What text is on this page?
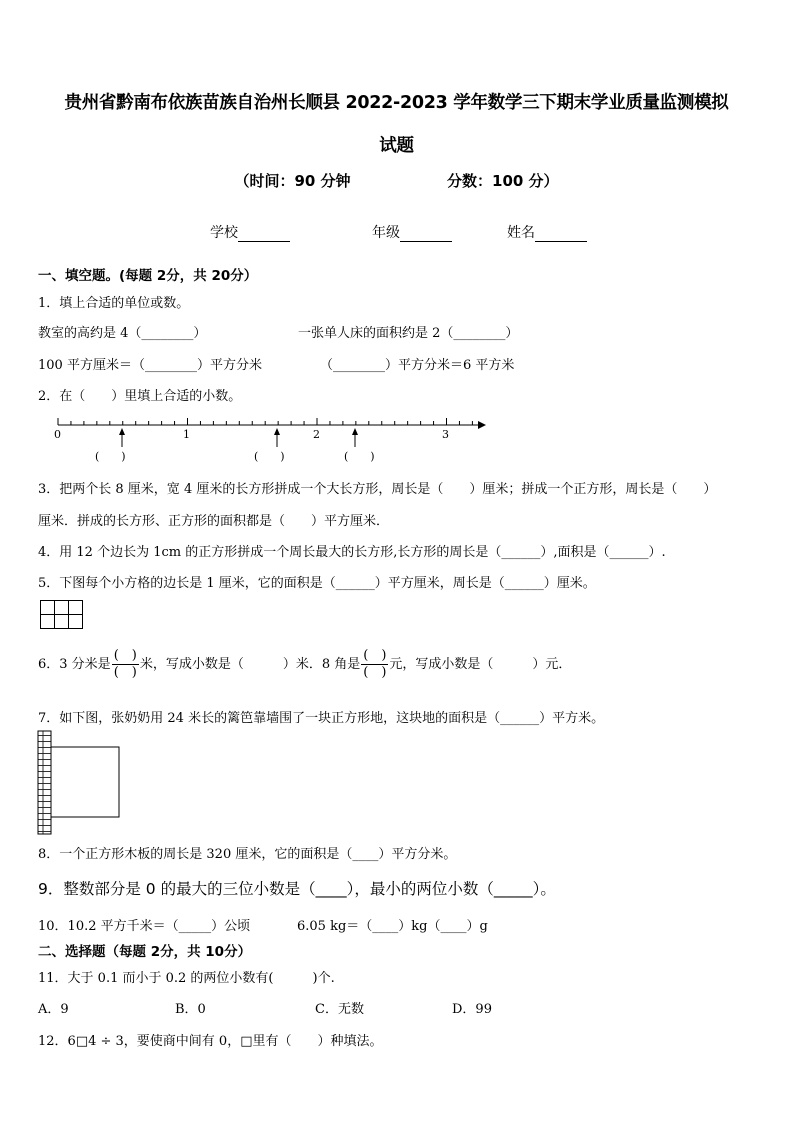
贵州省黔南布依族苗族自治州长顺县 2022-2023 学年数学三下期末学业质量监测模拟
试题
（时间：90 分钟	分数：100 分）
学校	年级	姓名
一、填空题。(每题 2分，共 20分）
1．填上合适的单位或数。
教室的高约是 4（________）	一张单人床的面积约是 2（________）
100 平方厘米＝（________）平方分米	（________）平方分米＝6 平方米
2．在（　　）里填上合适的小数。
0	1	2	3
(　　)	(　　)	(　　)
3．把两个长 8 厘米，宽 4 厘米的长方形拼成一个大长方形，周长是（　　）厘米；拼成一个正方形，周长是（　　）
厘米．拼成的长方形、正方形的面积都是（　　）平方厘米．
4．用 12 个边长为 1cm 的正方形拼成一个周长最大的长方形,长方形的周长是（______）,面积是（______）.
5．下图每个小方格的边长是 1 厘米，它的面积是（______）平方厘米，周长是（______）厘米。
6．3 分米是 $\frac{( )}{( )}$ 米，写成小数是（　　　）米．8 角是 $\frac{( )}{( )}$ 元，写成小数是（　　　）元．
7．如下图，张奶奶用 24 米长的篱笆靠墙围了一块正方形地，这块地的面积是（______）平方米。
8．一个正方形木板的周长是 320 厘米，它的面积是（____）平方分米。
9．整数部分是 0 的最大的三位小数是（____），最小的两位小数（_____）。
10．10.2 平方千米＝（_____）公顷	6.05 kg＝（____）kg（____）g
二、选择题（每题 2分，共 10分）
11．大于 0.1 而小于 0.2 的两位小数有(　　　)个.
A．9	B．0	C．无数	D．99
12．6□4 ÷ 3，要使商中间有 0，□里有（　　）种填法。
